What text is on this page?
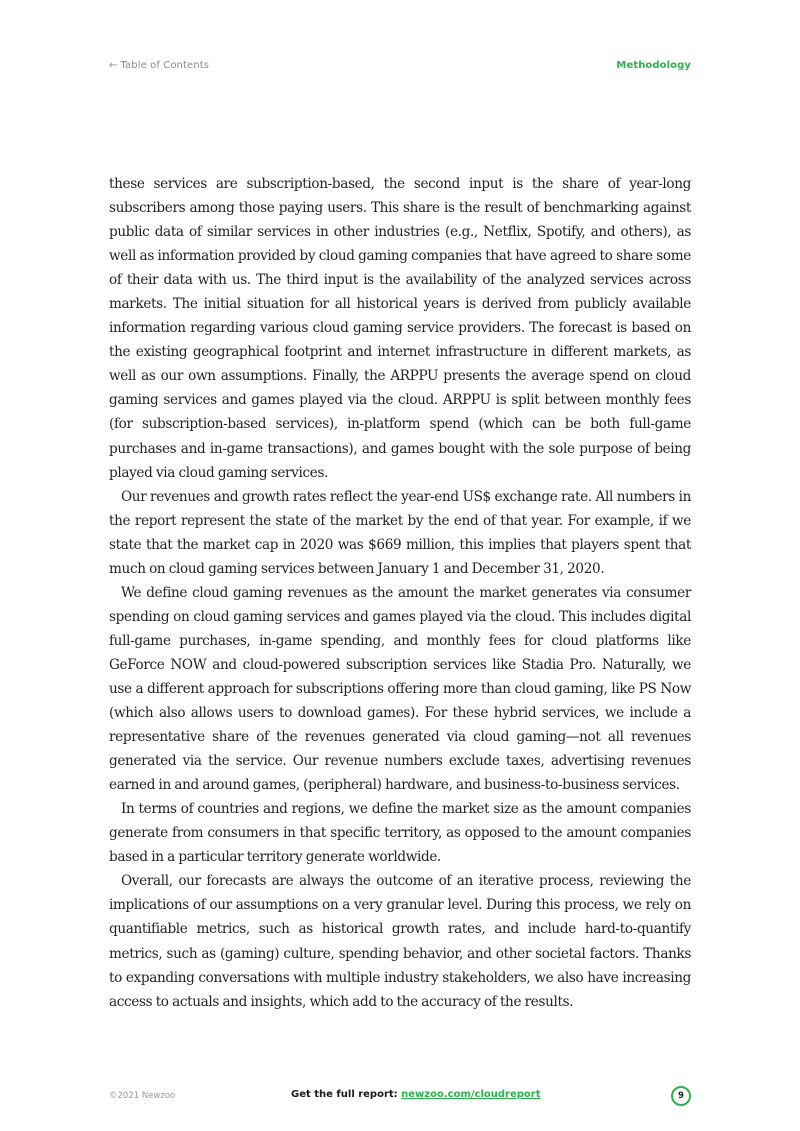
← Table of Contents	Methodology

these services are subscription-based, the second input is the share of year-long subscribers among those paying users. This share is the result of benchmarking against public data of similar services in other industries (e.g., Netflix, Spotify, and others), as well as information provided by cloud gaming companies that have agreed to share some of their data with us. The third input is the availability of the analyzed services across markets. The initial situation for all historical years is derived from publicly available information regarding various cloud gaming service providers. The forecast is based on the existing geographical footprint and internet infrastructure in different markets, as well as our own assumptions. Finally, the ARPPU presents the average spend on cloud gaming services and games played via the cloud. ARPPU is split between monthly fees (for subscription-based services), in-platform spend (which can be both full-game purchases and in-game transactions), and games bought with the sole purpose of being played via cloud gaming services.

Our revenues and growth rates reflect the year-end US$ exchange rate. All numbers in the report represent the state of the market by the end of that year. For example, if we state that the market cap in 2020 was $669 million, this implies that players spent that much on cloud gaming services between January 1 and December 31, 2020.

We define cloud gaming revenues as the amount the market generates via consumer spending on cloud gaming services and games played via the cloud. This includes digital full-game purchases, in-game spending, and monthly fees for cloud platforms like GeForce NOW and cloud-powered subscription services like Stadia Pro. Naturally, we use a different approach for subscriptions offering more than cloud gaming, like PS Now (which also allows users to download games). For these hybrid services, we include a representative share of the revenues generated via cloud gaming—not all revenues generated via the service. Our revenue numbers exclude taxes, advertising revenues earned in and around games, (peripheral) hardware, and business-to-business services.

In terms of countries and regions, we define the market size as the amount companies generate from consumers in that specific territory, as opposed to the amount companies based in a particular territory generate worldwide.

Overall, our forecasts are always the outcome of an iterative process, reviewing the implications of our assumptions on a very granular level. During this process, we rely on quantifiable metrics, such as historical growth rates, and include hard-to-quantify metrics, such as (gaming) culture, spending behavior, and other societal factors. Thanks to expanding conversations with multiple industry stakeholders, we also have increasing access to actuals and insights, which add to the accuracy of the results.

©2021 Newzoo	Get the full report: newzoo.com/cloudreport	9
